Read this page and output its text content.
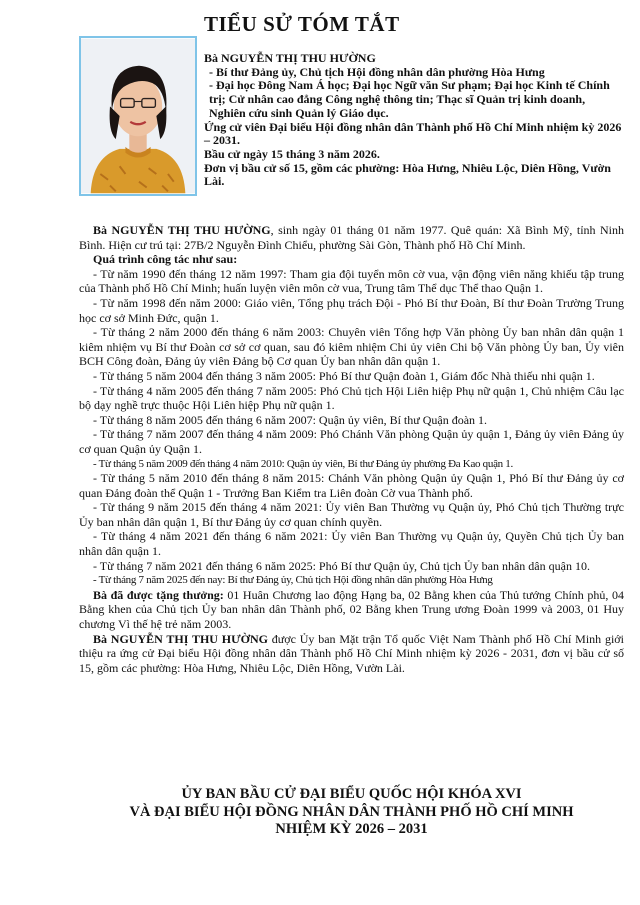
TIỂU SỬ TÓM TẮT

Bà NGUYỄN THỊ THU HƯỜNG

- Bí thư Đảng ủy, Chủ tịch Hội đồng nhân dân phường Hòa Hưng

- Đại học Đông Nam Á học; Đại học Ngữ văn Sư phạm; Đại học Kinh tế Chính trị; Cử nhân cao đẳng Công nghệ thông tin; Thạc sĩ Quản trị kinh doanh, Nghiên cứu sinh Quản lý Giáo dục.

Ứng cử viên Đại biểu Hội đồng nhân dân Thành phố Hồ Chí Minh nhiệm kỳ 2026 – 2031.

Bầu cử ngày 15 tháng 3 năm 2026.

Đơn vị bầu cử số 15, gồm các phường: Hòa Hưng, Nhiêu Lộc, Diên Hồng, Vườn Lài.

Bà NGUYỄN THỊ THU HƯỜNG, sinh ngày 01 tháng 01 năm 1977. Quê quán: Xã Bình Mỹ, tỉnh Ninh Bình. Hiện cư trú tại: 27B/2 Nguyễn Đình Chiểu, phường Sài Gòn, Thành phố Hồ Chí Minh.

Quá trình công tác như sau:

- Từ năm 1990 đến tháng 12 năm 1997: Tham gia đội tuyển môn cờ vua, vận động viên năng khiếu tập trung của Thành phố Hồ Chí Minh; huấn luyện viên môn cờ vua, Trung tâm Thể dục Thể thao Quận 1.

- Từ năm 1998 đến năm 2000: Giáo viên, Tổng phụ trách Đội - Phó Bí thư Đoàn, Bí thư Đoàn Trường Trung học cơ sở Minh Đức, quận 1.

- Từ tháng 2 năm 2000 đến tháng 6 năm 2003: Chuyên viên Tổng hợp Văn phòng Ủy ban nhân dân quận 1 kiêm nhiệm vụ Bí thư Đoàn cơ sở cơ quan, sau đó kiêm nhiệm Chi ủy viên Chi bộ Văn phòng Ủy ban, Ủy viên BCH Công đoàn, Đảng ủy viên Đảng bộ Cơ quan Ủy ban nhân dân quận 1.

- Từ tháng 5 năm 2004 đến tháng 3 năm 2005: Phó Bí thư Quận đoàn 1, Giám đốc Nhà thiếu nhi quận 1.

- Từ tháng 4 năm 2005 đến tháng 7 năm 2005: Phó Chủ tịch Hội Liên hiệp Phụ nữ quận 1, Chủ nhiệm Câu lạc bộ dạy nghề trực thuộc Hội Liên hiệp Phụ nữ quận 1.

- Từ tháng 8 năm 2005 đến tháng 6 năm 2007: Quận ủy viên, Bí thư Quận đoàn 1.

- Từ tháng 7 năm 2007 đến tháng 4 năm 2009: Phó Chánh Văn phòng Quận ủy quận 1, Đảng ủy viên Đảng ủy cơ quan Quận ủy Quận 1.

- Từ tháng 5 năm 2009 đến tháng 4 năm 2010: Quận ủy viên, Bí thư Đảng ủy phường Đa Kao quận 1.

- Từ tháng 5 năm 2010 đến tháng 8 năm 2015: Chánh Văn phòng Quận ủy Quận 1, Phó Bí thư Đảng ủy cơ quan Đảng đoàn thể Quận 1 - Trưởng Ban Kiểm tra Liên đoàn Cờ vua Thành phố.

- Từ tháng 9 năm 2015 đến tháng 4 năm 2021: Ủy viên Ban Thường vụ Quận ủy, Phó Chủ tịch Thường trực Ủy ban nhân dân quận 1, Bí thư Đảng ủy cơ quan chính quyền.

- Từ tháng 4 năm 2021 đến tháng 6 năm 2021: Ủy viên Ban Thường vụ Quận ủy, Quyền Chủ tịch Ủy ban nhân dân quận 1.

- Từ tháng 7 năm 2021 đến tháng 6 năm 2025: Phó Bí thư Quận ủy, Chủ tịch Ủy ban nhân dân quận 10.

- Từ tháng 7 năm 2025 đến nay: Bí thư Đảng ủy, Chủ tịch Hội đồng nhân dân phường Hòa Hưng

Bà đã được tặng thưởng: 01 Huân Chương lao động Hạng ba, 02 Bằng khen của Thủ tướng Chính phủ, 04 Bằng khen của Chủ tịch Ủy ban nhân dân Thành phố, 02 Bằng khen Trung ương Đoàn 1999 và 2003, 01 Huy chương Vì thế hệ trẻ năm 2003.

Bà NGUYỄN THỊ THU HƯỜNG được Ủy ban Mặt trận Tổ quốc Việt Nam Thành phố Hồ Chí Minh giới thiệu ra ứng cử Đại biểu Hội đồng nhân dân Thành phố Hồ Chí Minh nhiệm kỳ 2026 - 2031, đơn vị bầu cử số 15, gồm các phường: Hòa Hưng, Nhiêu Lộc, Diên Hồng, Vườn Lài.

ỦY BAN BẦU CỬ ĐẠI BIỂU QUỐC HỘI KHÓA XVI

VÀ ĐẠI BIỂU HỘI ĐỒNG NHÂN DÂN THÀNH PHỐ HỒ CHÍ MINH

NHIỆM KỲ 2026 – 2031
